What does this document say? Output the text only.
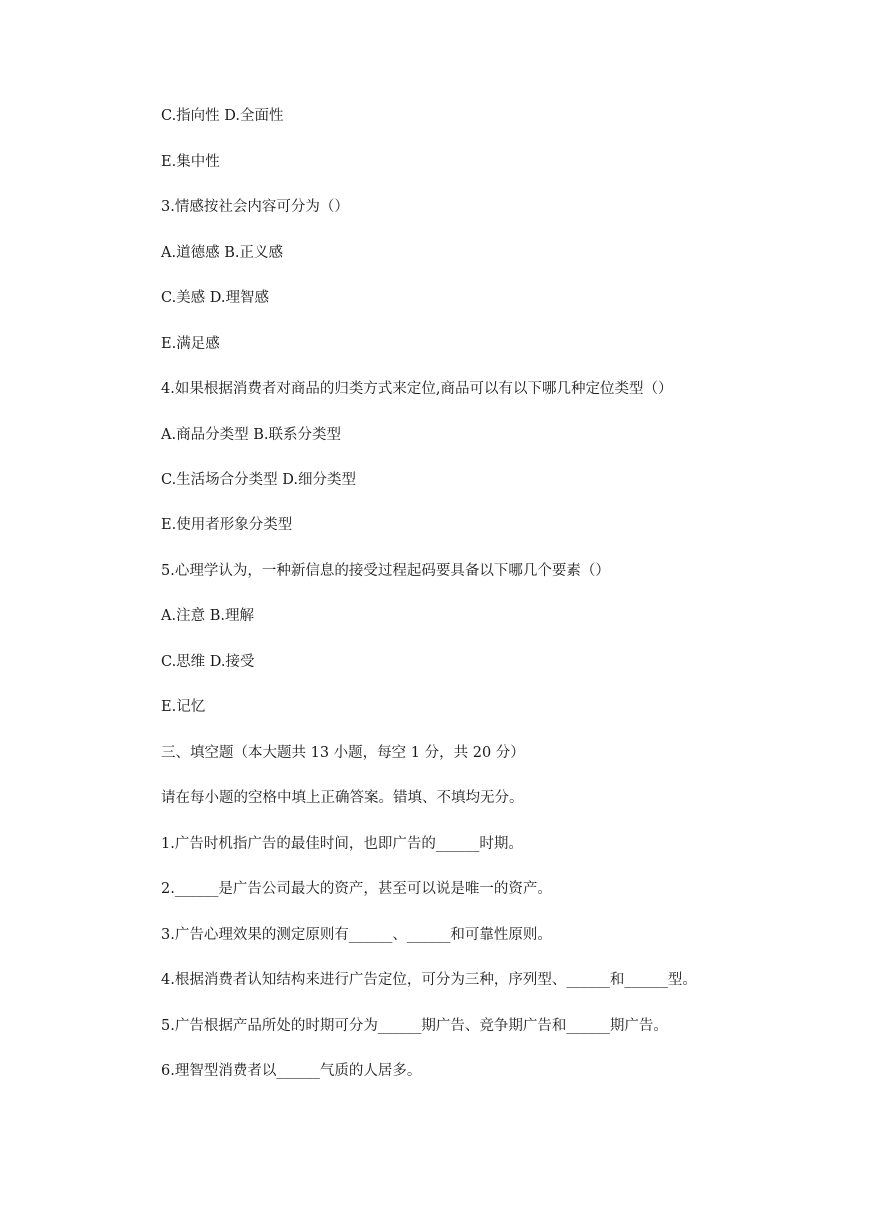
C.指向性 D.全面性

E.集中性

3.情感按社会内容可分为（）

A.道德感 B.正义感

C.美感 D.理智感

E.满足感

4.如果根据消费者对商品的归类方式来定位,商品可以有以下哪几种定位类型（）

A.商品分类型 B.联系分类型

C.生活场合分类型 D.细分类型

E.使用者形象分类型

5.心理学认为，一种新信息的接受过程起码要具备以下哪几个要素（）

A.注意 B.理解

C.思维 D.接受

E.记忆

三、填空题（本大题共 13 小题，每空 1 分，共 20 分）

请在每小题的空格中填上正确答案。错填、不填均无分。

1.广告时机指广告的最佳时间，也即广告的______时期。

2.______是广告公司最大的资产，甚至可以说是唯一的资产。

3.广告心理效果的测定原则有______、______和可靠性原则。

4.根据消费者认知结构来进行广告定位，可分为三种，序列型、______和______型。

5.广告根据产品所处的时期可分为______期广告、竞争期广告和______期广告。

6.理智型消费者以______气质的人居多。
